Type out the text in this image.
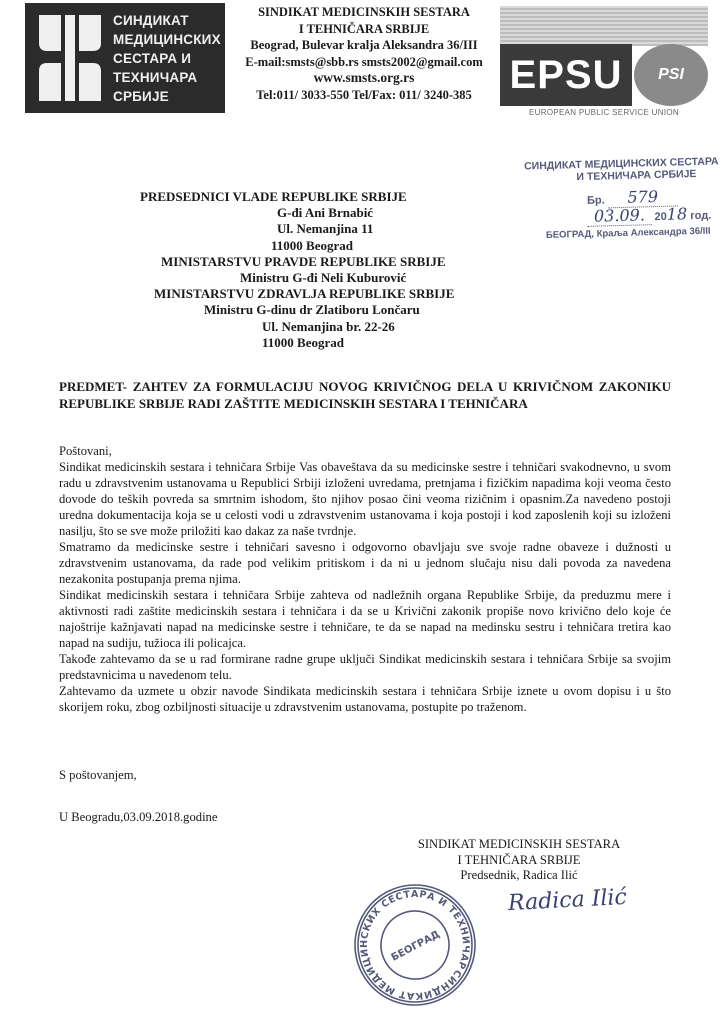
СИНДИКАТ
МЕДИЦИНСКИХ
СЕСТАРА И
ТЕХНИЧАРА
СРБИЈЕ
SINDIKAT MEDICINSKIH SESTARA
I TEHNIČARA SRBIJE
Beograd, Bulevar kralja Aleksandra 36/III
E-mail:smsts@sbb.rs smsts2002@gmail.com
www.smsts.org.rs
Tel:011/ 3033-550 Tel/Fax: 011/ 3240-385 EPSU	PSI
EUROPEAN PUBLIC SERVICE UNION
СИНДИКАТ МЕДИЦИНСКИХ СЕСТАРА
И ТЕХНИЧАРА СРБИЈЕ
Бр. 579
03.09. 2018 год.
БЕОГРАД, Краља Александра 36/III
PREDSEDNICI VLADE REPUBLIKE SRBIJE
G-đi Ani Brnabić
Ul. Nemanjina 11
11000 Beograd
MINISTARSTVU PRAVDE REPUBLIKE SRBIJE
Ministru G-đi Neli Kuburović
MINISTARSTVU ZDRAVLJA REPUBLIKE SRBIJE
Ministru G-dinu dr Zlatiboru Lončaru
Ul. Nemanjina br. 22-26
11000 Beograd
PREDMET- ZAHTEV ZA FORMULACIJU NOVOG KRIVIČNOG DELA U KRIVIČNOM ZAKONIKU REPUBLIKE SRBIJE RADI ZAŠTITE MEDICINSKIH SESTARA I TEHNIČARA

Poštovani,

Sindikat medicinskih sestara i tehničara Srbije Vas obaveštava da su medicinske sestre i tehničari svakodnevno, u svom radu u zdravstvenim ustanovama u Republici Srbiji izloženi uvredama, pretnjama i fizičkim napadima koji veoma često dovode do teških povreda sa smrtnim ishodom, što njihov posao čini veoma rizičnim i opasnim.Za navedeno postoji uredna dokumentacija koja se u celosti vodi u zdravstvenim ustanovama i koja postoji i kod zaposlenih koji su izloženi nasilju, što se sve može priložiti kao dakaz za naše tvrdnje.

Smatramo da medicinske sestre i tehničari savesno i odgovorno obavljaju sve svoje radne obaveze i dužnosti u zdravstvenim ustanovama, da rade pod velikim pritiskom i da ni u jednom slučaju nisu dali povoda za navedena nezakonita postupanja prema njima.

Sindikat medicinskih sestara i tehničara Srbije zahteva od nadležnih organa Republike Srbije, da preduzmu mere i aktivnosti radi zaštite medicinskih sestara i tehničara i da se u Krivični zakonik propiše novo krivično delo koje će najoštrije kažnjavati napad na medicinske sestre i tehničare, te da se napad na medinsku sestru i tehničara tretira kao napad na sudiju, tužioca ili policajca.

Takođe zahtevamo da se u rad formirane radne grupe uključi Sindikat medicinskih sestara i tehničara Srbije sa svojim predstavnicima u navedenom telu.

Zahtevamo da uzmete u obzir navode Sindikata medicinskih sestara i tehničara Srbije iznete u ovom dopisu i u što skorijem roku, zbog ozbiljnosti situacije u zdravstvenim ustanovama, postupite po traženom.

S poštovanjem,
U Beogradu,03.09.2018.godine
SINDIKAT MEDICINSKIH SESTARA
I TEHNIČARA SRBIJE
Predsednik, Radica Ilić
Radica Ilić
СИНДИКАТ МЕДИЦИНСКИХ СЕСТАРА И ТЕХНИЧАРА
БЕОГРАД
